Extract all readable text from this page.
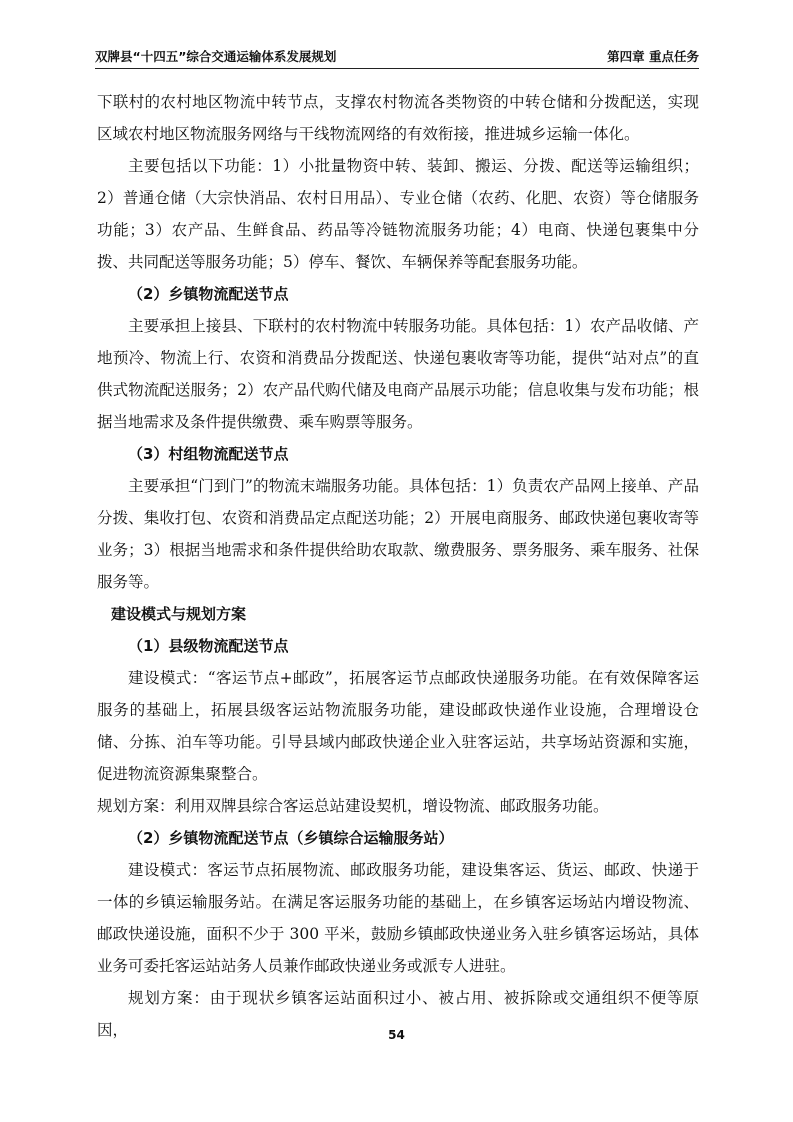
双牌县“十四五”综合交通运输体系发展规划	第四章 重点任务

下联村的农村地区物流中转节点，支撑农村物流各类物资的中转仓储和分拨配送，实现区域农村地区物流服务网络与干线物流网络的有效衔接，推进城乡运输一体化。

主要包括以下功能：1）小批量物资中转、装卸、搬运、分拨、配送等运输组织； 2）普通仓储（大宗快消品、农村日用品）、专业仓储（农药、化肥、农资）等仓储服务功能；3）农产品、生鲜食品、药品等冷链物流服务功能；4）电商、快递包裹集中分拨、共同配送等服务功能；5）停车、餐饮、车辆保养等配套服务功能。

（2）乡镇物流配送节点

主要承担上接县、下联村的农村物流中转服务功能。具体包括：1）农产品收储、产地预冷、物流上行、农资和消费品分拨配送、快递包裹收寄等功能，提供“站对点”的直供式物流配送服务；2）农产品代购代储及电商产品展示功能；信息收集与发布功能；根据当地需求及条件提供缴费、乘车购票等服务。

（3）村组物流配送节点

主要承担“门到门”的物流末端服务功能。具体包括：1）负责农产品网上接单、产品分拨、集收打包、农资和消费品定点配送功能；2）开展电商服务、邮政快递包裹收寄等业务；3）根据当地需求和条件提供给助农取款、缴费服务、票务服务、乘车服务、社保服务等。

建设模式与规划方案

（1）县级物流配送节点

建设模式：“客运节点+邮政”，拓展客运节点邮政快递服务功能。在有效保障客运服务的基础上，拓展县级客运站物流服务功能，建设邮政快递作业设施，合理增设仓储、分拣、泊车等功能。引导县域内邮政快递企业入驻客运站，共享场站资源和实施，促进物流资源集聚整合。

规划方案：利用双牌县综合客运总站建设契机，增设物流、邮政服务功能。

（2）乡镇物流配送节点（乡镇综合运输服务站）

建设模式：客运节点拓展物流、邮政服务功能，建设集客运、货运、邮政、快递于一体的乡镇运输服务站。在满足客运服务功能的基础上，在乡镇客运场站内增设物流、邮政快递设施，面积不少于 300 平米，鼓励乡镇邮政快递业务入驻乡镇客运场站，具体业务可委托客运站站务人员兼作邮政快递业务或派专人进驻。

规划方案：由于现状乡镇客运站面积过小、被占用、被拆除或交通组织不便等原因，	54
